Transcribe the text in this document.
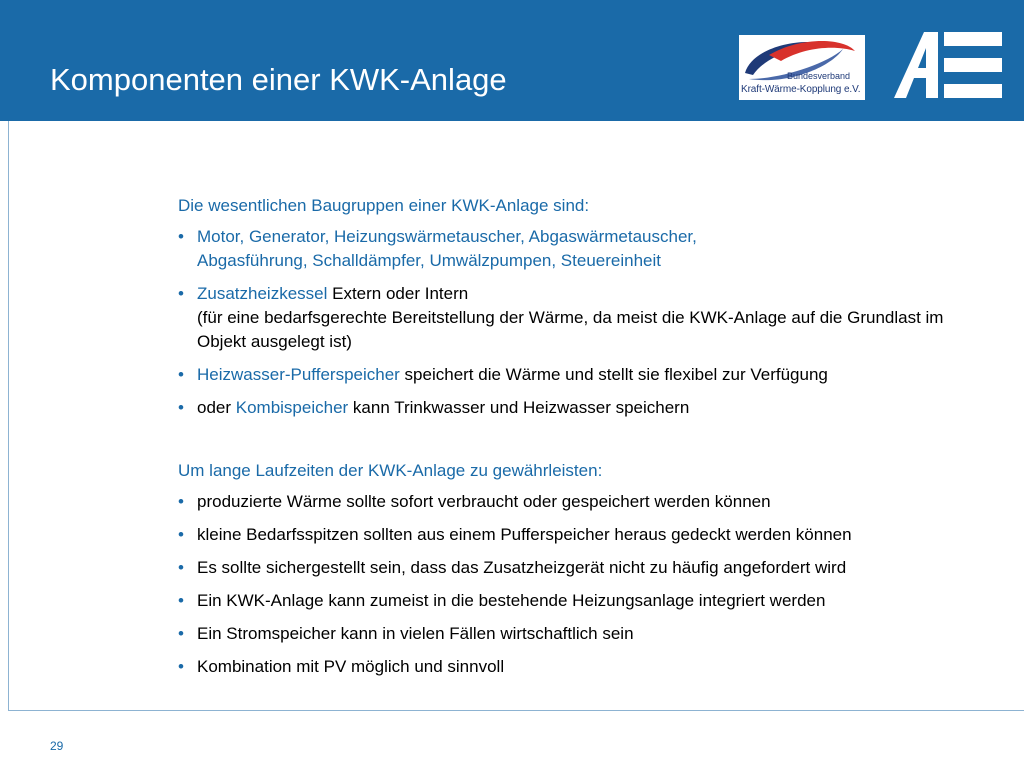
Komponenten einer KWK-Anlage	Bundesverband
Kraft-Wärme-Kopplung e.V.

Die wesentlichen Baugruppen einer KWK-Anlage sind:

• Motor, Generator, Heizungswärmetauscher, Abgaswärmetauscher,
Abgasführung, Schalldämpfer, Umwälzpumpen, Steuereinheit
• Zusatzheizkessel Extern oder Intern
(für eine bedarfsgerechte Bereitstellung der Wärme, da meist die KWK-Anlage auf die Grundlast im Objekt ausgelegt ist)
• Heizwasser-Pufferspeicher speichert die Wärme und stellt sie flexibel zur Verfügung
• oder Kombispeicher kann Trinkwasser und Heizwasser speichern

Um lange Laufzeiten der KWK-Anlage zu gewährleisten:

• produzierte Wärme sollte sofort verbraucht oder gespeichert werden können
• kleine Bedarfsspitzen sollten aus einem Pufferspeicher heraus gedeckt werden können
• Es sollte sichergestellt sein, dass das Zusatzheizgerät nicht zu häufig angefordert wird
• Ein KWK-Anlage kann zumeist in die bestehende Heizungsanlage integriert werden
• Ein Stromspeicher kann in vielen Fällen wirtschaftlich sein
• Kombination mit PV möglich und sinnvoll
29
